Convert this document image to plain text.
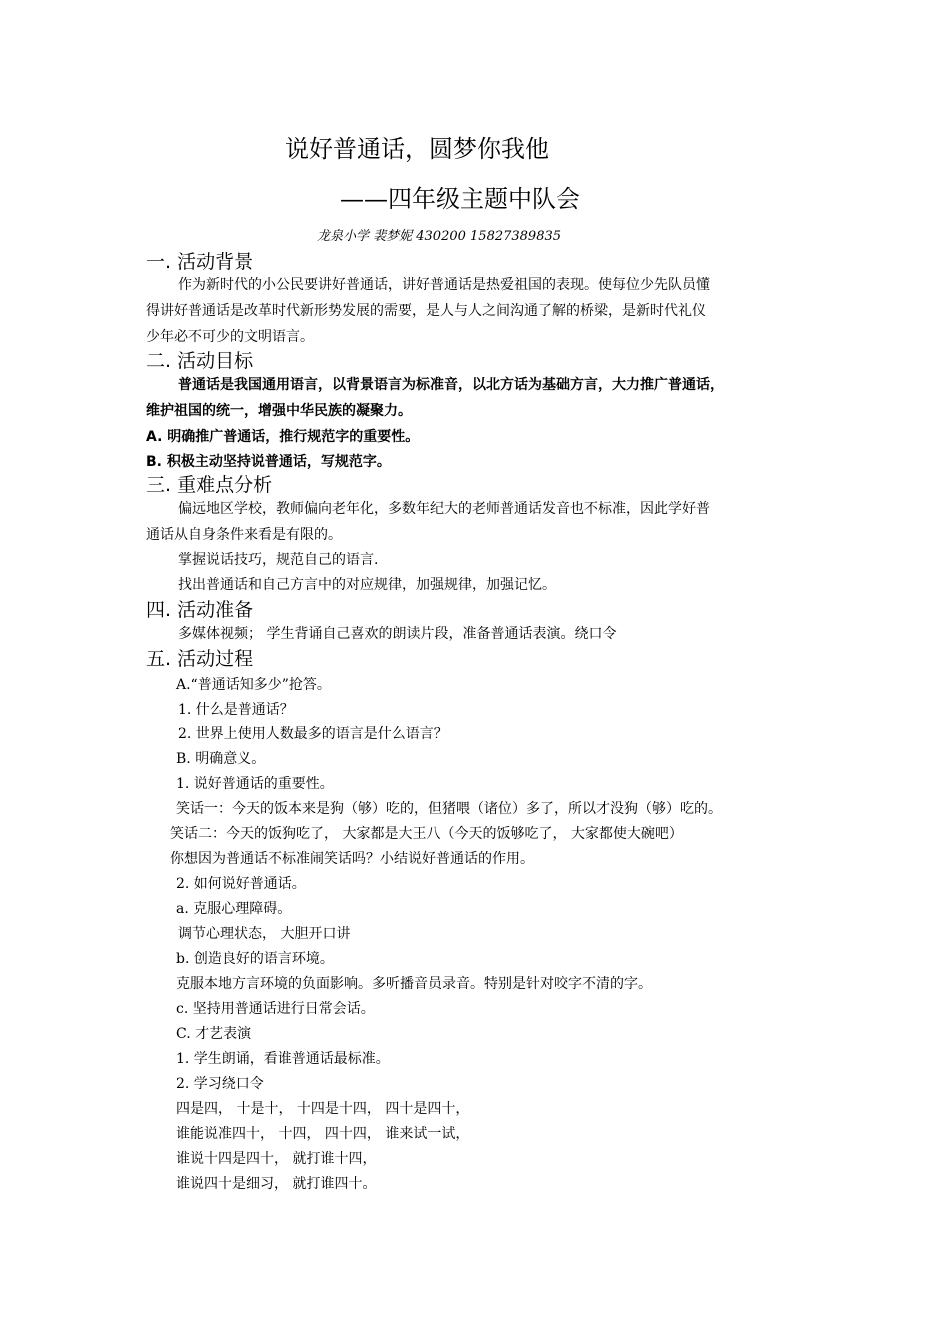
说好普通话，圆梦你我他
——四年级主题中队会
龙泉小学 裴梦妮 430200 15827389835
一. 活动背景
作为新时代的小公民要讲好普通话，讲好普通话是热爱祖国的表现。使每位少先队员懂
得讲好普通话是改革时代新形势发展的需要，是人与人之间沟通了解的桥梁，是新时代礼仪
少年必不可少的文明语言。
二. 活动目标
普通话是我国通用语言，以背景语言为标准音，以北方话为基础方言，大力推广普通话，
维护祖国的统一，增强中华民族的凝聚力。
A. 明确推广普通话，推行规范字的重要性。
B. 积极主动坚持说普通话，写规范字。
三. 重难点分析
偏远地区学校，教师偏向老年化，多数年纪大的老师普通话发音也不标准，因此学好普
通话从自身条件来看是有限的。
掌握说话技巧，规范自己的语言.
找出普通话和自己方言中的对应规律，加强规律，加强记忆。
四. 活动准备
多媒体视频； 学生背诵自己喜欢的朗读片段，准备普通话表演。绕口令
五. 活动过程
A.“普通话知多少”抢答。
1. 什么是普通话？
2. 世界上使用人数最多的语言是什么语言？
B. 明确意义。
1. 说好普通话的重要性。
笑话一：今天的饭本来是狗（够）吃的，但猪喂（诸位）多了，所以才没狗（够）吃的。
笑话二：今天的饭狗吃了， 大家都是大王八（今天的饭够吃了， 大家都使大碗吧）
你想因为普通话不标准闹笑话吗？小结说好普通话的作用。
2. 如何说好普通话。
a. 克服心理障碍。
调节心理状态， 大胆开口讲
b. 创造良好的语言环境。
克服本地方言环境的负面影响。多听播音员录音。特别是针对咬字不清的字。
c. 坚持用普通话进行日常会话。
C. 才艺表演
1. 学生朗诵，看谁普通话最标准。
2. 学习绕口令
四是四， 十是十， 十四是十四， 四十是四十，
谁能说准四十， 十四， 四十四， 谁来试一试，
谁说十四是四十， 就打谁十四，
谁说四十是细习， 就打谁四十。
